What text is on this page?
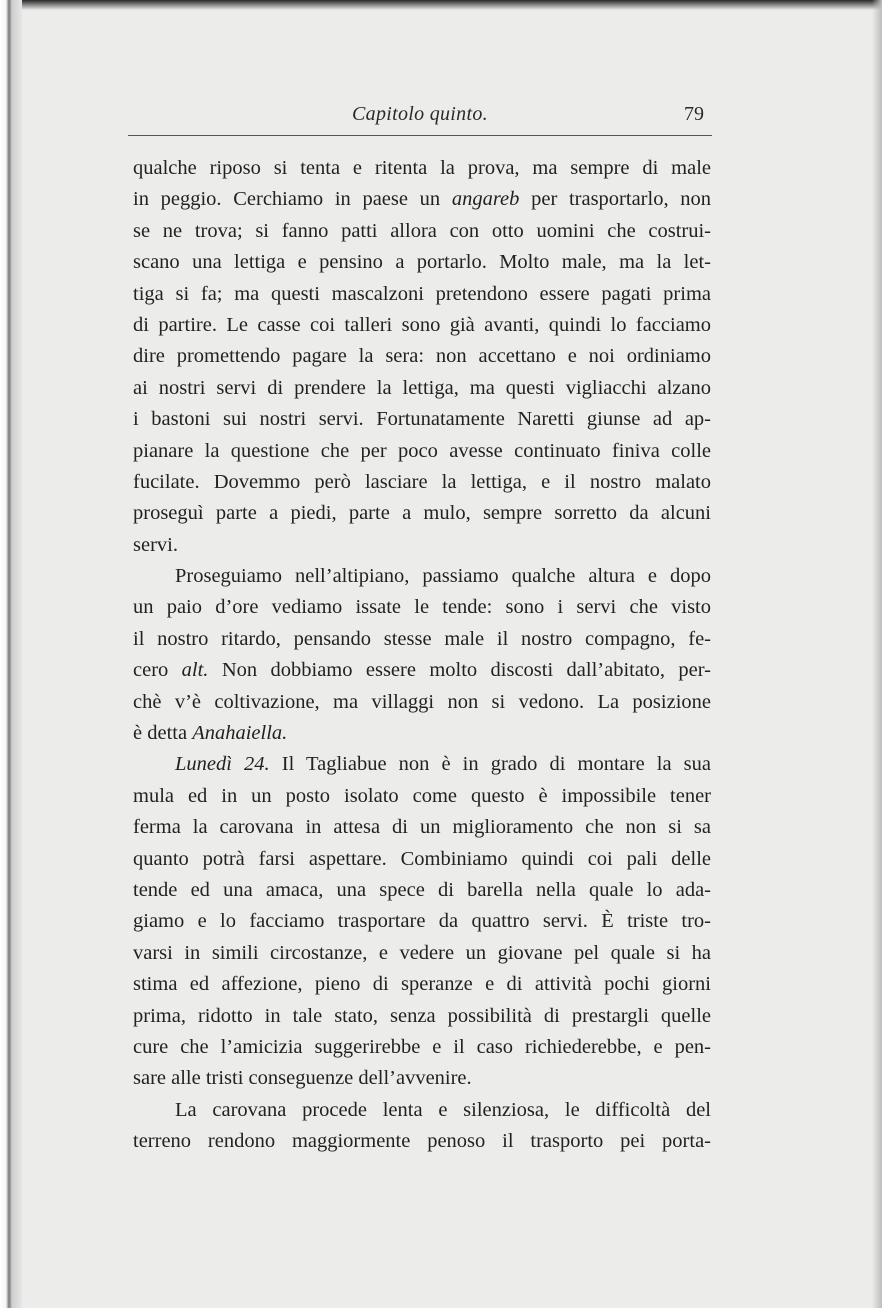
Capitolo quinto.	79
qualche riposo si tenta e ritenta la prova, ma sempre di male
in peggio. Cerchiamo in paese un angareb per trasportarlo, non
se ne trova; si fanno patti allora con otto uomini che costrui-
scano una lettiga e pensino a portarlo. Molto male, ma la let-
tiga si fa; ma questi mascalzoni pretendono essere pagati prima
di partire. Le casse coi talleri sono già avanti, quindi lo facciamo
dire promettendo pagare la sera: non accettano e noi ordiniamo
ai nostri servi di prendere la lettiga, ma questi vigliacchi alzano
i bastoni sui nostri servi. Fortunatamente Naretti giunse ad ap-
pianare la questione che per poco avesse continuato finiva colle
fucilate. Dovemmo però lasciare la lettiga, e il nostro malato
proseguì parte a piedi, parte a mulo, sempre sorretto da alcuni
servi.
Proseguiamo nell’altipiano, passiamo qualche altura e dopo
un paio d’ore vediamo issate le tende: sono i servi che visto
il nostro ritardo, pensando stesse male il nostro compagno, fe-
cero alt. Non dobbiamo essere molto discosti dall’abitato, per-
chè v’è coltivazione, ma villaggi non si vedono. La posizione
è detta Anahaiella.
Lunedì 24. Il Tagliabue non è in grado di montare la sua
mula ed in un posto isolato come questo è impossibile tener
ferma la carovana in attesa di un miglioramento che non si sa
quanto potrà farsi aspettare. Combiniamo quindi coi pali delle
tende ed una amaca, una spece di barella nella quale lo ada-
giamo e lo facciamo trasportare da quattro servi. È triste tro-
varsi in simili circostanze, e vedere un giovane pel quale si ha
stima ed affezione, pieno di speranze e di attività pochi giorni
prima, ridotto in tale stato, senza possibilità di prestargli quelle
cure che l’amicizia suggerirebbe e il caso richiederebbe, e pen-
sare alle tristi conseguenze dell’avvenire.
La carovana procede lenta e silenziosa, le difficoltà del
terreno rendono maggiormente penoso il trasporto pei porta-
